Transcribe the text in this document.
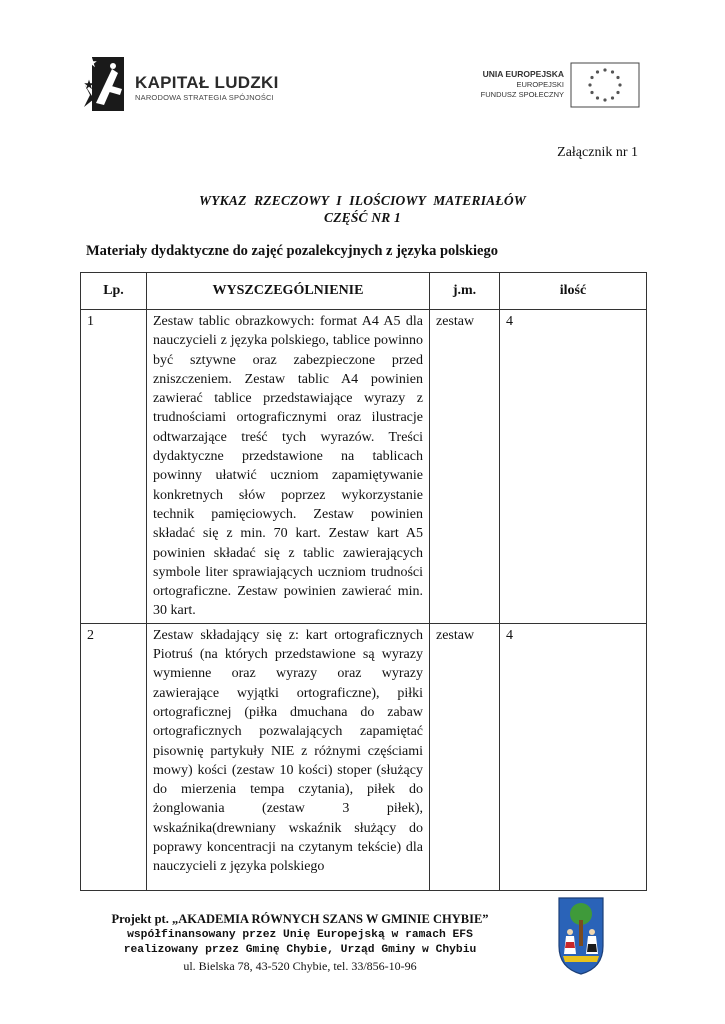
KAPITAŁ LUDZKI
NARODOWA STRATEGIA SPÓJNOŚCI
UNIA EUROPEJSKA
EUROPEJSKI
FUNDUSZ SPOŁECZNY
Załącznik nr 1
WYKAZ RZECZOWY I ILOŚCIOWY MATERIAŁÓW
CZĘŚĆ NR 1
Materiały dydaktyczne do zajęć pozalekcyjnych z języka polskiego
Lp.	WYSZCZEGÓLNIENIE	j.m.	ilość
1	Zestaw tablic obrazkowych: format A4 A5 dla nauczycieli z języka polskiego, tablice powinno być sztywne oraz zabezpieczone przed zniszczeniem. Zestaw tablic A4 powinien zawierać tablice przedstawiające wyrazy z trudnościami ortograficznymi oraz ilustracje odtwarzające treść tych wyrazów. Treści dydaktyczne przedstawione na tablicach powinny ułatwić uczniom zapamiętywanie konkretnych słów poprzez wykorzystanie technik pamięciowych. Zestaw powinien składać się z min. 70 kart. Zestaw kart A5 powinien składać się z tablic zawierających symbole liter sprawiających uczniom trudności ortograficzne. Zestaw powinien zawierać min. 30 kart.	zestaw	4
2	Zestaw składający się z: kart ortograficznych Piotruś (na których przedstawione są wyrazy wymienne oraz wyrazy oraz wyrazy zawierające wyjątki ortograficzne), piłki ortograficznej (piłka dmuchana do zabaw ortograficznych pozwalających zapamiętać pisownię partykuły NIE z różnymi częściami mowy) kości (zestaw 10 kości) stoper (służący do mierzenia tempa czytania), piłek do żonglowania (zestaw 3 piłek), wskaźnika(drewniany wskaźnik służący do poprawy koncentracji na czytanym tekście) dla nauczycieli z języka polskiego	zestaw	4
Projekt pt. „AKADEMIA RÓWNYCH SZANS W GMINIE CHYBIE”
współfinansowany przez Unię Europejską w ramach EFS
realizowany przez Gminę Chybie, Urząd Gminy w Chybiu
ul. Bielska 78, 43-520 Chybie, tel. 33/856-10-96
